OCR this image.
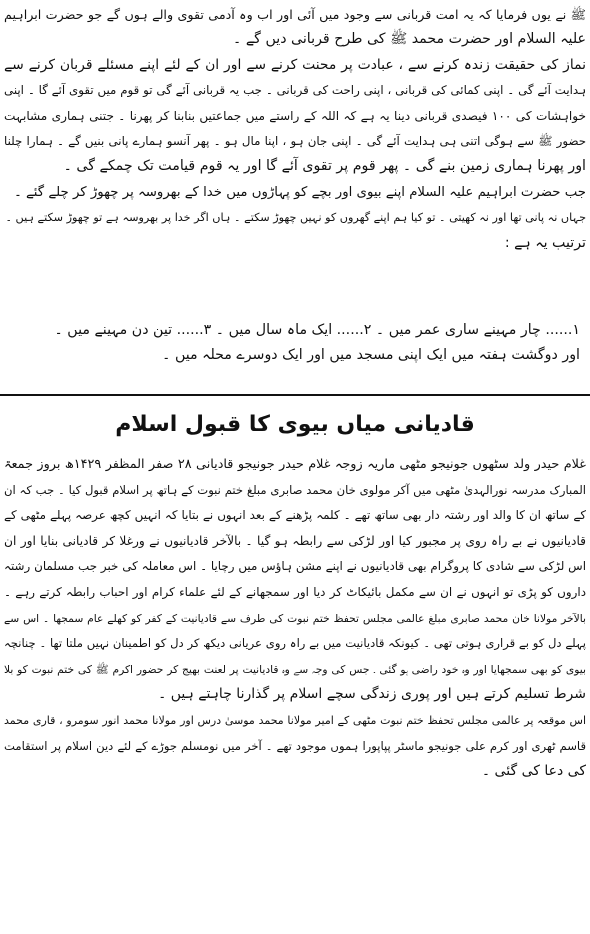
ﷺ نے یوں فرمایا کہ یہ امت قربانی سے وجود میں آئی اور اب وہ آدمی تقوی والے ہوں گے جو حضرت ابراہیم
علیہ السلام اور حضرت محمد ﷺ کی طرح قربانی دیں گے ۔
نماز کی حقیقت زندہ کرنے سے ، عبادت پر محنت کرنے سے اور ان کے لئے اپنے مسئلے قربان کرنے سے
ہدایت آئے گی ۔ اپنی کمائی کی قربانی ، اپنی راحت کی قربانی ۔ جب یہ قربانی آئے گی تو قوم میں تقوی آئے گا ۔ اپنی
خواہشات کی ۱۰۰ فیصدی قربانی دینا یہ ہے کہ اللہ کے راستے میں جماعتیں بنابنا کر پھرنا ۔ جتنی ہماری مشابہت
حضور ﷺ سے ہوگی اتنی ہی ہدایت آئے گی ۔ اپنی جان ہو ، اپنا مال ہو ۔ پھر آنسو ہمارے پانی بنیں گے ۔ ہمارا چلنا
اور پھرنا ہماری زمین بنے گی ۔ پھر قوم پر تقوی آئے گا اور یہ قوم قیامت تک چمکے گی ۔
جب حضرت ابراہیم علیہ السلام اپنے بیوی اور بچے کو پہاڑوں میں خدا کے بھروسہ پر چھوڑ کر چلے گئے ۔
جہاں نہ پانی تھا اور نہ کھیتی ۔ تو کیا ہم اپنے گھروں کو نہیں چھوڑ سکتے ۔ ہاں اگر خدا پر بھروسہ ہے تو چھوڑ سکتے ہیں ۔
ترتیب یہ ہے :
۱...... چار مہینے ساری عمر میں ۔ ۲...... ایک ماہ سال میں ۔ ۳...... تین دن مہینے میں ۔
اور دوگشت ہفتہ میں ایک اپنی مسجد میں اور ایک دوسرے محلہ میں ۔
قادیانی میاں بیوی کا قبول اسلام
غلام حیدر ولد سٹھوں جونیجو مٹھی ماریہ زوجہ غلام حیدر جونیجو قادیانی ۲۸ صفر المظفر ۱۴۲۹ھ بروز جمعۃ
المبارک مدرسہ نورالہدیٰ مٹھی میں آکر مولوی خان محمد صابری مبلغ ختم نبوت کے ہاتھ پر اسلام قبول کیا ۔ جب کہ ان
کے ساتھ ان کا والد اور رشتہ دار بھی ساتھ تھے ۔ کلمہ پڑھنے کے بعد انہوں نے بتایا کہ انہیں کچھ عرصہ پہلے مٹھی کے
قادیانیوں نے بے راہ روی پر مجبور کیا اور لڑکی سے رابطہ ہو گیا ۔ بالآخر قادیانیوں نے ورغلا کر قادیانی بنایا اور ان
اس لڑکی سے شادی کا پروگرام بھی قادیانیوں نے اپنے مشن ہاؤس میں رچایا ۔ اس معاملہ کی خبر جب مسلمان رشتہ
داروں کو پڑی تو انہوں نے ان سے مکمل بائیکاٹ کر دیا اور سمجھانے کے لئے علماء کرام اور احباب رابطہ کرتے رہے ۔
بالآخر مولانا خان محمد صابری مبلغ عالمی مجلس تحفظ ختم نبوت کی طرف سے قادیانیت کے کفر کو کھلے عام سمجھا ۔ اس سے
پہلے دل کو بے قراری ہوتی تھی ۔ کیونکہ قادیانیت میں بے راہ روی عریانی دیکھ کر دل کو اطمینان نہیں ملتا تھا ۔ چنانچہ
بیوی کو بھی سمجھایا اور وہ خود راضی ہو گئی ۔ جس کی وجہ سے وہ قادیانیت پر لعنت بھیج کر حضور اکرم ﷺ کی ختم نبوت کو بلا
شرط تسلیم کرتے ہیں اور پوری زندگی سچے اسلام پر گذارنا چاہتے ہیں ۔
اس موقعہ پر عالمی مجلس تحفظ ختم نبوت مٹھی کے امیر مولانا محمد موسیٰ درس اور مولانا محمد انور سومرو ، قاری محمد
قاسم ٹھری اور کرم علی جونیجو ماسٹر پپاپورا ہموں موجود تھے ۔ آخر میں نومسلم جوڑے کے لئے دین اسلام پر استقامت
کی دعا کی گئی ۔
